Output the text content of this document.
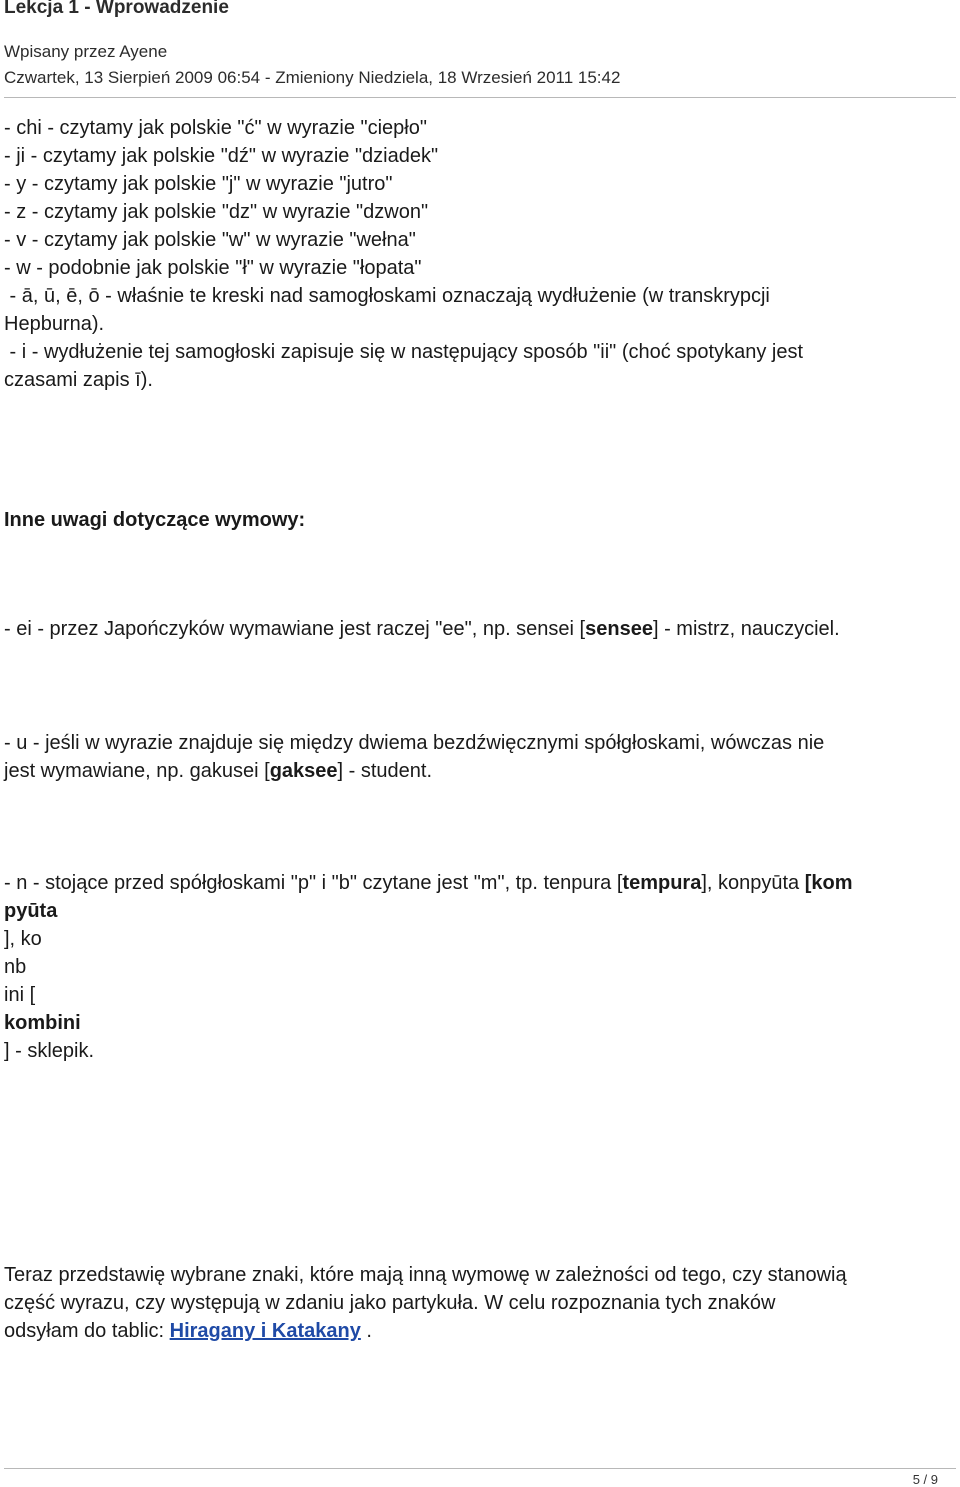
Lekcja 1 - Wprowadzenie
Wpisany przez Ayene
Czwartek, 13 Sierpień 2009 06:54 - Zmieniony Niedziela, 18 Wrzesień 2011 15:42
- chi - czytamy jak polskie "ć" w wyrazie "ciepło"
- ji - czytamy jak polskie "dź" w wyrazie "dziadek"
- y - czytamy jak polskie "j" w wyrazie "jutro"
- z - czytamy jak polskie "dz" w wyrazie "dzwon"
- v - czytamy jak polskie "w" w wyrazie "wełna"
- w - podobnie jak polskie "ł" w wyrazie "łopata"
- ā, ū, ē, ō - właśnie te kreski nad samogłoskami oznaczają wydłużenie (w transkrypcji
Hepburna).
- i - wydłużenie tej samogłoski zapisuje się w następujący sposób "ii" (choć spotykany jest
czasami zapis ī).
Inne uwagi dotyczące wymowy:
- ei - przez Japończyków wymawiane jest raczej "ee", np. sensei [sensee] - mistrz, nauczyciel.
- u - jeśli w wyrazie znajduje się między dwiema bezdźwięcznymi spółgłoskami, wówczas nie
jest wymawiane, np. gakusei [gaksee] - student.
- n - stojące przed spółgłoskami "p" i "b" czytane jest "m", tp. tenpura [tempura], konpyūta [kom
pyūta
], ko
nb
ini [
kombini
] - sklepik.
Teraz przedstawię wybrane znaki, które mają inną wymowę w zależności od tego, czy stanowią
część wyrazu, czy występują w zdaniu jako partykuła. W celu rozpoznania tych znaków
odsyłam do tablic: Hiragany i Katakany .
5 / 9
